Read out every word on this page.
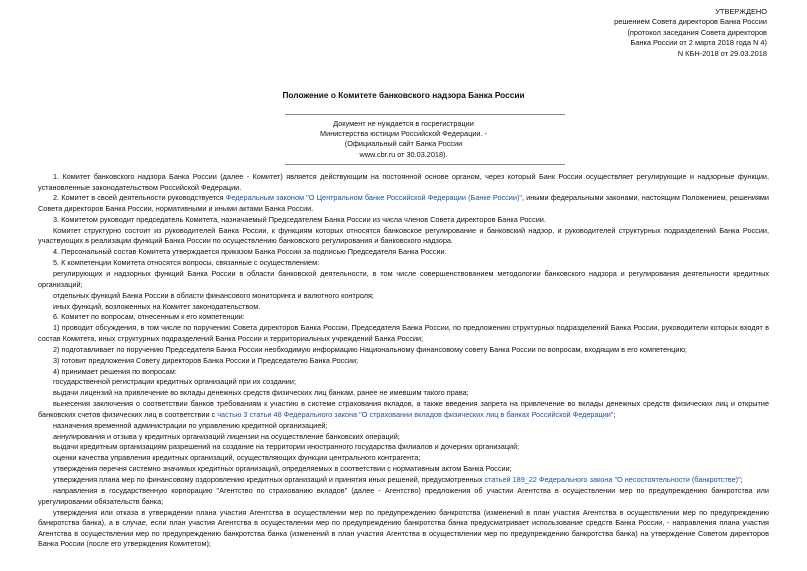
УТВЕРЖДЕНО
решением Совета директоров Банка России
(протокол заседания Совета директоров
Банка России от 2 марта 2018 года N 4)
N КБН-2018 от 29.03.2018
Положение о Комитете банковского надзора Банка России
Документ не нуждается в госрегистрации
Министерства юстиции Российской Федерации. -
(Официальный сайт Банка России
www.cbr.ru от 30.03.2018).

1. Комитет банковского надзора Банка России (далее - Комитет) является действующим на постоянной основе органом, через который Банк России осуществляет регулирующие и надзорные функции, установленные законодательством Российской Федерации.

2. Комитет в своей деятельности руководствуется Федеральным законом "О Центральном банке Российской Федерации (Банке России)", иными федеральными законами, настоящим Положением, решениями Совета директоров Банка России, нормативными и иными актами Банка России.

3. Комитетом руководит председатель Комитета, назначаемый Председателем Банка России из числа членов Совета директоров Банка России.

Комитет структурно состоит из руководителей Банка России, к функциям которых относятся банковское регулирование и банковский надзор, и руководителей структурных подразделений Банка России, участвующих в реализации функций Банка России по осуществлению банковского регулирования и банковского надзора.

4. Персональный состав Комитета утверждается приказом Банка России за подписью Председателя Банка России.

5. К компетенции Комитета относятся вопросы, связанные с осуществлением:

регулирующих и надзорных функций Банка России в области банковской деятельности, в том числе совершенствованием методологии банковского надзора и регулирования деятельности кредитных организаций;

отдельных функций Банка России в области финансового мониторинга и валютного контроля;

иных функций, возложенных на Комитет законодательством.

6. Комитет по вопросам, отнесенным к его компетенции:

1) проводит обсуждения, в том числе по поручению Совета директоров Банка России, Председателя Банка России, по предложению структурных подразделений Банка России, руководители которых входят в состав Комитета, иных структурных подразделений Банка России и территориальных учреждений Банка России;

2) подготавливает по поручению Председателя Банка России необходимую информацию Национальному финансовому совету Банка России по вопросам, входящим в его компетенцию;

3) готовит предложения Совету директоров Банка России и Председателю Банка России;

4) принимает решения по вопросам:

государственной регистрации кредитных организаций при их создании;

выдачи лицензий на привлечение во вклады денежных средств физических лиц банкам, ранее не имевшим такого права;

вынесения заключения о соответствии банков требованиям к участию в системе страхования вкладов, а также введения запрета на привлечение во вклады денежных средств физических лиц и открытие банковских счетов физических лиц в соответствии с частью 3 статьи 48 Федерального закона "О страховании вкладов физических лиц в банках Российской Федерации";

назначения временной администрации по управлению кредитной организацией;

аннулирования и отзыва у кредитных организаций лицензии на осуществление банковских операций;

выдачи кредитным организациям разрешений на создание на территории иностранного государства филиалов и дочерних организаций;

оценки качества управления кредитных организаций, осуществляющих функции центрального контрагента;

утверждения перечня системно значимых кредитных организаций, определяемых в соответствии с нормативным актом Банка России;

утверждения плана мер по финансовому оздоровлению кредитных организаций и принятия иных решений, предусмотренных статьей 189_22 Федерального закона "О несостоятельности (банкротстве)";

направления в государственную корпорацию "Агентство по страхованию вкладов" (далее - Агентство) предложения об участии Агентства в осуществлении мер по предупреждению банкротства или урегулировании обязательств банка;

утверждения или отказа в утверждении плана участия Агентства в осуществлении мер по предупреждению банкротства (изменений в план участия Агентства в осуществлении мер по предупреждению банкротства банка), а в случае, если план участия Агентства в осуществлении мер по предупреждению банкротства банка предусматривает использование средств Банка России, - направления плана участия Агентства в осуществлении мер по предупреждению банкротства банка (изменений в план участия Агентства в осуществлении мер по предупреждению банкротства банка) на утверждение Советом директоров Банка России (после его утверждения Комитетом);
